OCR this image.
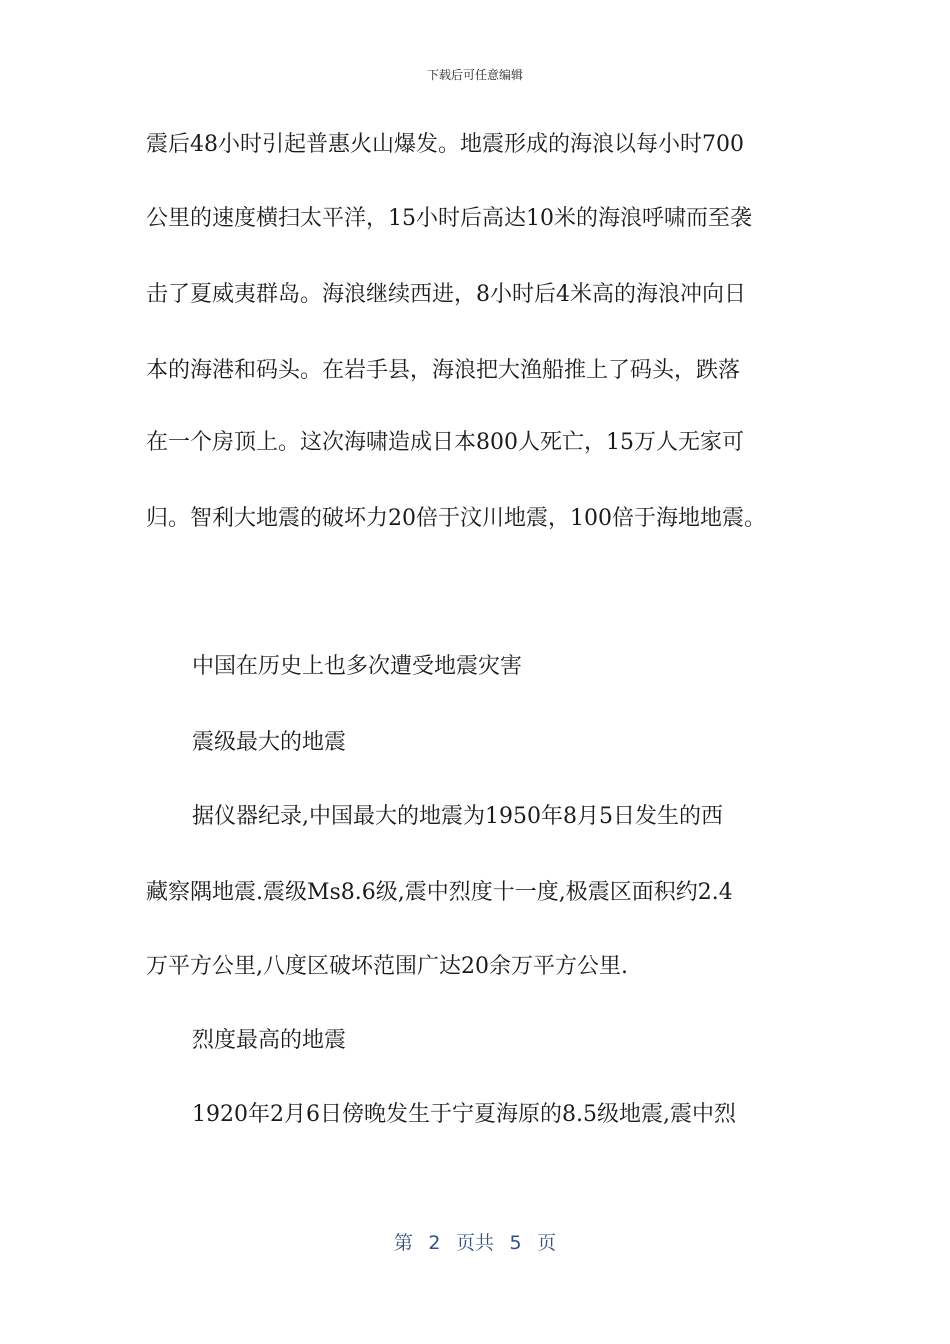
下载后可任意编辑
震后48小时引起普惠火山爆发。地震形成的海浪以每小时700
公里的速度横扫太平洋，15小时后高达10米的海浪呼啸而至袭
击了夏威夷群岛。海浪继续西进，8小时后4米高的海浪冲向日
本的海港和码头。在岩手县，海浪把大渔船推上了码头，跌落
在一个房顶上。这次海啸造成日本800人死亡，15万人无家可
归。智利大地震的破坏力20倍于汶川地震，100倍于海地地震。
中国在历史上也多次遭受地震灾害
震级最大的地震
据仪器纪录,中国最大的地震为1950年8月5日发生的西
藏察隅地震.震级Ms8.6级,震中烈度十一度,极震区面积约2.4
万平方公里,八度区破坏范围广达20余万平方公里.
烈度最高的地震
1920年2月6日傍晚发生于宁夏海原的8.5级地震,震中烈
第 2 页共 5 页
